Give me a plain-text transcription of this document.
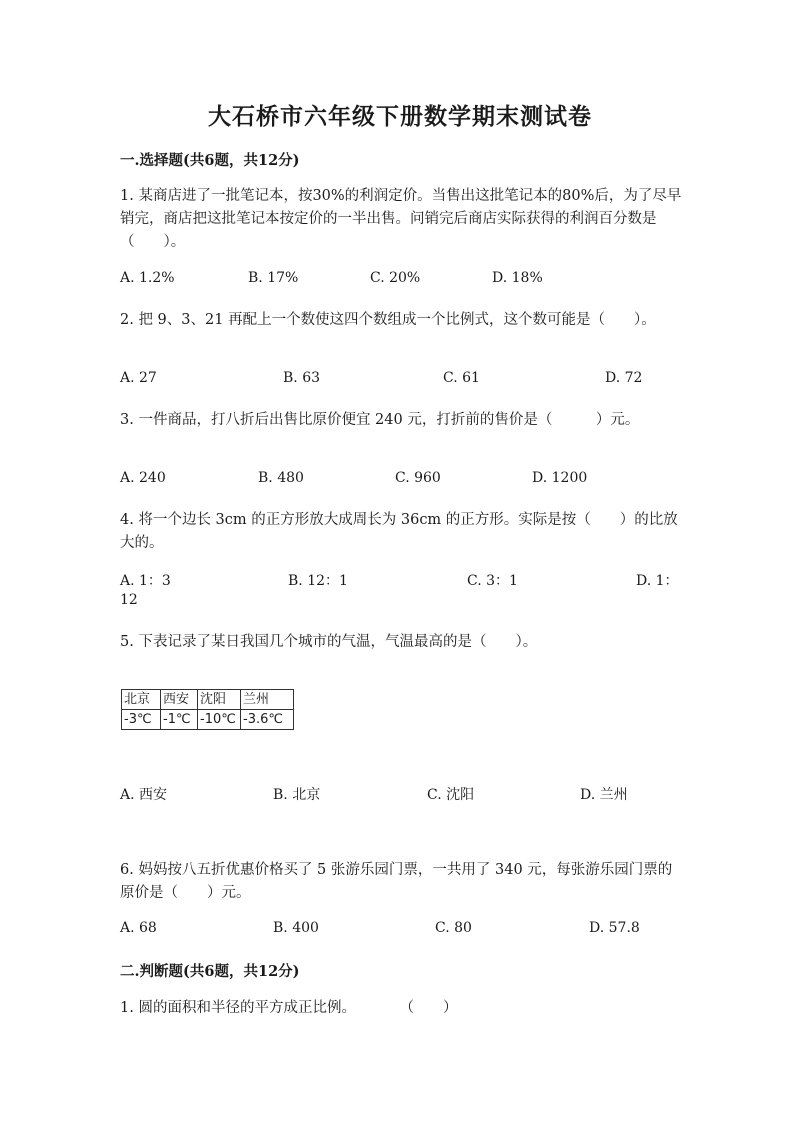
大石桥市六年级下册数学期末测试卷
一.选择题(共6题，共12分)
1. 某商店进了一批笔记本，按30%的利润定价。当售出这批笔记本的80%后，为了尽早销完，商店把这批笔记本按定价的一半出售。问销完后商店实际获得的利润百分数是（　　）。
A. 1.2%	B. 17%	C. 20%	D. 18%
2. 把 9、3、21 再配上一个数使这四个数组成一个比例式，这个数可能是（　　）。
A. 27	B. 63	C. 61	D. 72
3. 一件商品，打八折后出售比原价便宜 240 元，打折前的售价是（　　　）元。
A. 240	B. 480	C. 960	D. 1200
4. 将一个边长 3cm 的正方形放大成周长为 36cm 的正方形。实际是按（　　）的比放大的。
A. 1：3	B. 12：1	C. 3：1	D. 1：
12
5. 下表记录了某日我国几个城市的气温，气温最高的是（　　）。
北京	西安	沈阳	兰州
-3℃	-1℃	-10℃	-3.6℃
A. 西安	B. 北京	C. 沈阳	D. 兰州
6. 妈妈按八五折优惠价格买了 5 张游乐园门票，一共用了 340 元，每张游乐园门票的原价是（　　）元。
A. 68	B. 400	C. 80	D. 57.8
二.判断题(共6题，共12分)
1. 圆的面积和半径的平方成正比例。　　　　（　　）
